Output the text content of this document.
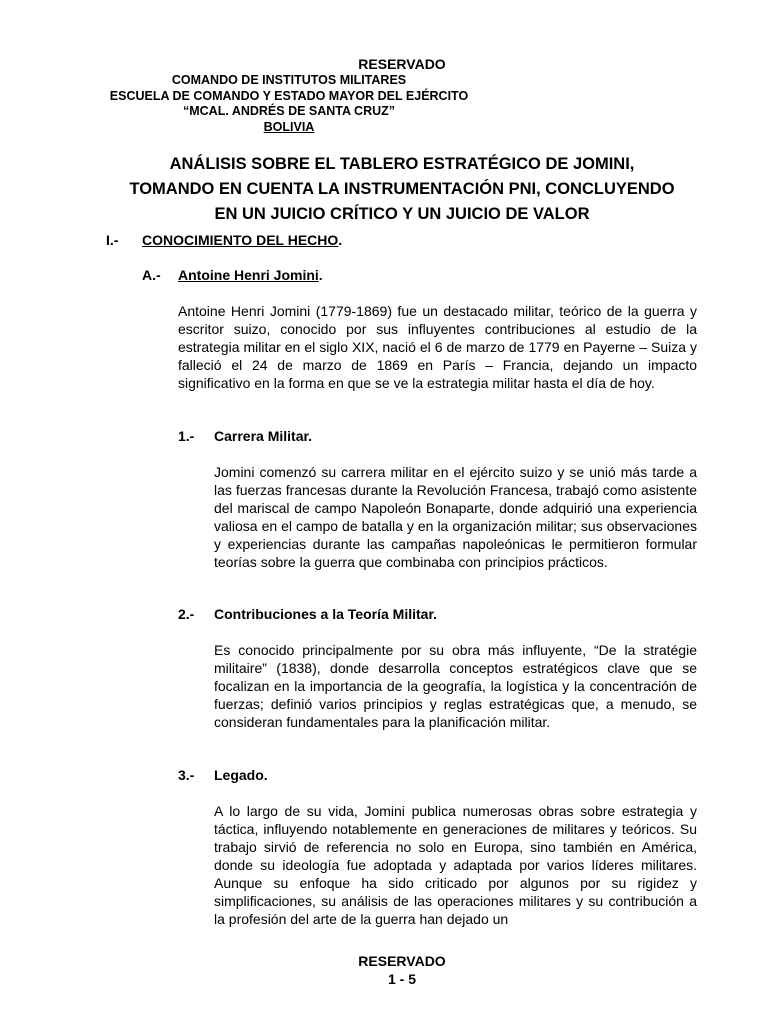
RESERVADO
COMANDO DE INSTITUTOS MILITARES
ESCUELA DE COMANDO Y ESTADO MAYOR DEL EJÉRCITO
“MCAL. ANDRÉS DE SANTA CRUZ”
BOLIVIA
ANÁLISIS SOBRE EL TABLERO ESTRATÉGICO DE JOMINI,
TOMANDO EN CUENTA LA INSTRUMENTACIÓN PNI, CONCLUYENDO
EN UN JUICIO CRÍTICO Y UN JUICIO DE VALOR
I.- CONOCIMIENTO DEL HECHO.
A.- Antoine Henri Jomini.
Antoine Henri Jomini (1779-1869) fue un destacado militar, teórico de la guerra y escritor suizo, conocido por sus influyentes contribuciones al estudio de la estrategia militar en el siglo XIX, nació el 6 de marzo de 1779 en Payerne – Suiza y falleció el 24 de marzo de 1869 en París – Francia, dejando un impacto significativo en la forma en que se ve la estrategia militar hasta el día de hoy.
1.- Carrera Militar.
Jomini comenzó su carrera militar en el ejército suizo y se unió más tarde a las fuerzas francesas durante la Revolución Francesa, trabajó como asistente del mariscal de campo Napoleón Bonaparte, donde adquirió una experiencia valiosa en el campo de batalla y en la organización militar; sus observaciones y experiencias durante las campañas napoleónicas le permitieron formular teorías sobre la guerra que combinaba con principios prácticos.
2.- Contribuciones a la Teoría Militar.
Es conocido principalmente por su obra más influyente, “De la stratégie militaire” (1838), donde desarrolla conceptos estratégicos clave que se focalizan en la importancia de la geografía, la logística y la concentración de fuerzas; definió varios principios y reglas estratégicas que, a menudo, se consideran fundamentales para la planificación militar.
3.- Legado.
A lo largo de su vida, Jomini publica numerosas obras sobre estrategia y táctica, influyendo notablemente en generaciones de militares y teóricos. Su trabajo sirvió de referencia no solo en Europa, sino también en América, donde su ideología fue adoptada y adaptada por varios líderes militares. Aunque su enfoque ha sido criticado por algunos por su rigidez y simplificaciones, su análisis de las operaciones militares y su contribución a la profesión del arte de la guerra han dejado un
RESERVADO
1 - 5
